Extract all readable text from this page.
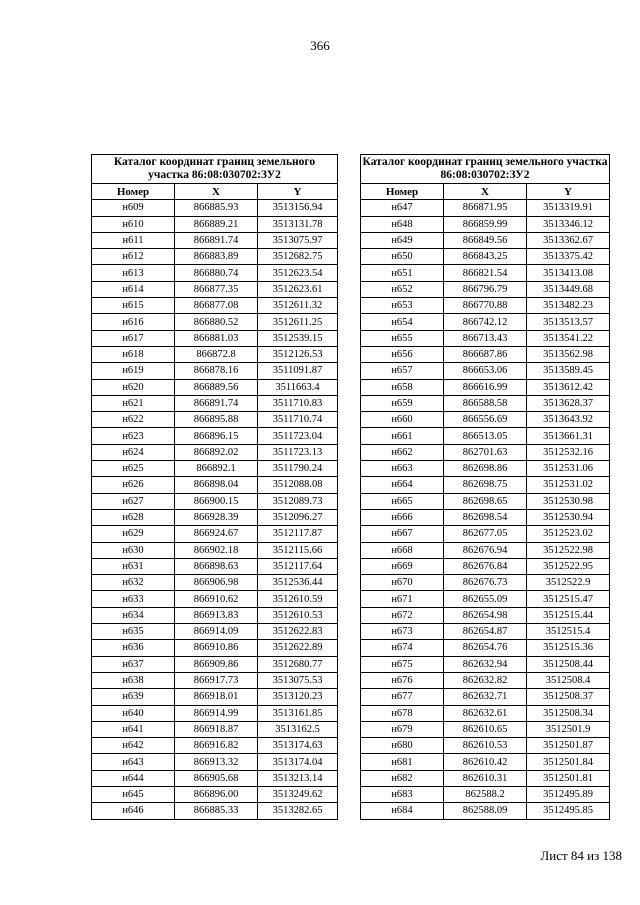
366
Каталог координат границ земельного участка 86:08:030702:ЗУ2		
Номер	X	Y
н609	866885.93	3513156.94
н610	866889.21	3513131.78
н611	866891.74	3513075.97
н612	866883.89	3512682.75
н613	866880.74	3512623.54
н614	866877.35	3512623.61
н615	866877.08	3512611.32
н616	866880.52	3512611.25
н617	866881.03	3512539.15
н618	866872.8	3512126.53
н619	866878.16	3511091.87
н620	866889.56	3511663.4
н621	866891.74	3511710.83
н622	866895.88	3511710.74
н623	866896.15	3511723.04
н624	866892.02	3511723.13
н625	866892.1	3511790.24
н626	866898.04	3512088.08
н627	866900.15	3512089.73
н628	866928.39	3512096.27
н629	866924.67	3512117.87
н630	866902.18	3512115.66
н631	866898.63	3512117.64
н632	866906.98	3512536.44
н633	866910.62	3512610.59
н634	866913.83	3512610.53
н635	866914.09	3512622.83
н636	866910.86	3512622.89
н637	866909.86	3512680.77
н638	866917.73	3513075.53
н639	866918.01	3513120.23
н640	866914.99	3513161.85
н641	866918.87	3513162.5
н642	866916.82	3513174.63
н643	866913.32	3513174.04
н644	866905.68	3513213.14
н645	866896.00	3513249.62
н646	866885.33	3513282.65
Каталог координат границ земельного участка 86:08:030702:ЗУ2		
Номер	X	Y
н647	866871.95	3513319.91
н648	866859.99	3513346.12
н649	866849.56	3513362.67
н650	866843.25	3513375.42
н651	866821.54	3513413.08
н652	866796.79	3513449.68
н653	866770.88	3513482.23
н654	866742.12	3513513.57
н655	866713.43	3513541.22
н656	866687.86	3513562.98
н657	866653.06	3513589.45
н658	866616.99	3513612.42
н659	866588.58	3513628.37
н660	866556.69	3513643.92
н661	866513.05	3513661.31
н662	862701.63	3512532.16
н663	862698.86	3512531.06
н664	862698.75	3512531.02
н665	862698.65	3512530.98
н666	862698.54	3512530.94
н667	862677.05	3512523.02
н668	862676.94	3512522.98
н669	862676.84	3512522.95
н670	862676.73	3512522.9
н671	862655.09	3512515.47
н672	862654.98	3512515.44
н673	862654.87	3512515.4
н674	862654.76	3512515.36
н675	862632.94	3512508.44
н676	862632.82	3512508.4
н677	862632.71	3512508.37
н678	862632.61	3512508.34
н679	862610.65	3512501.9
н680	862610.53	3512501.87
н681	862610.42	3512501.84
н682	862610.31	3512501.81
н683	862588.2	3512495.89
н684	862588.09	3512495.85
Лист 84 из 138
